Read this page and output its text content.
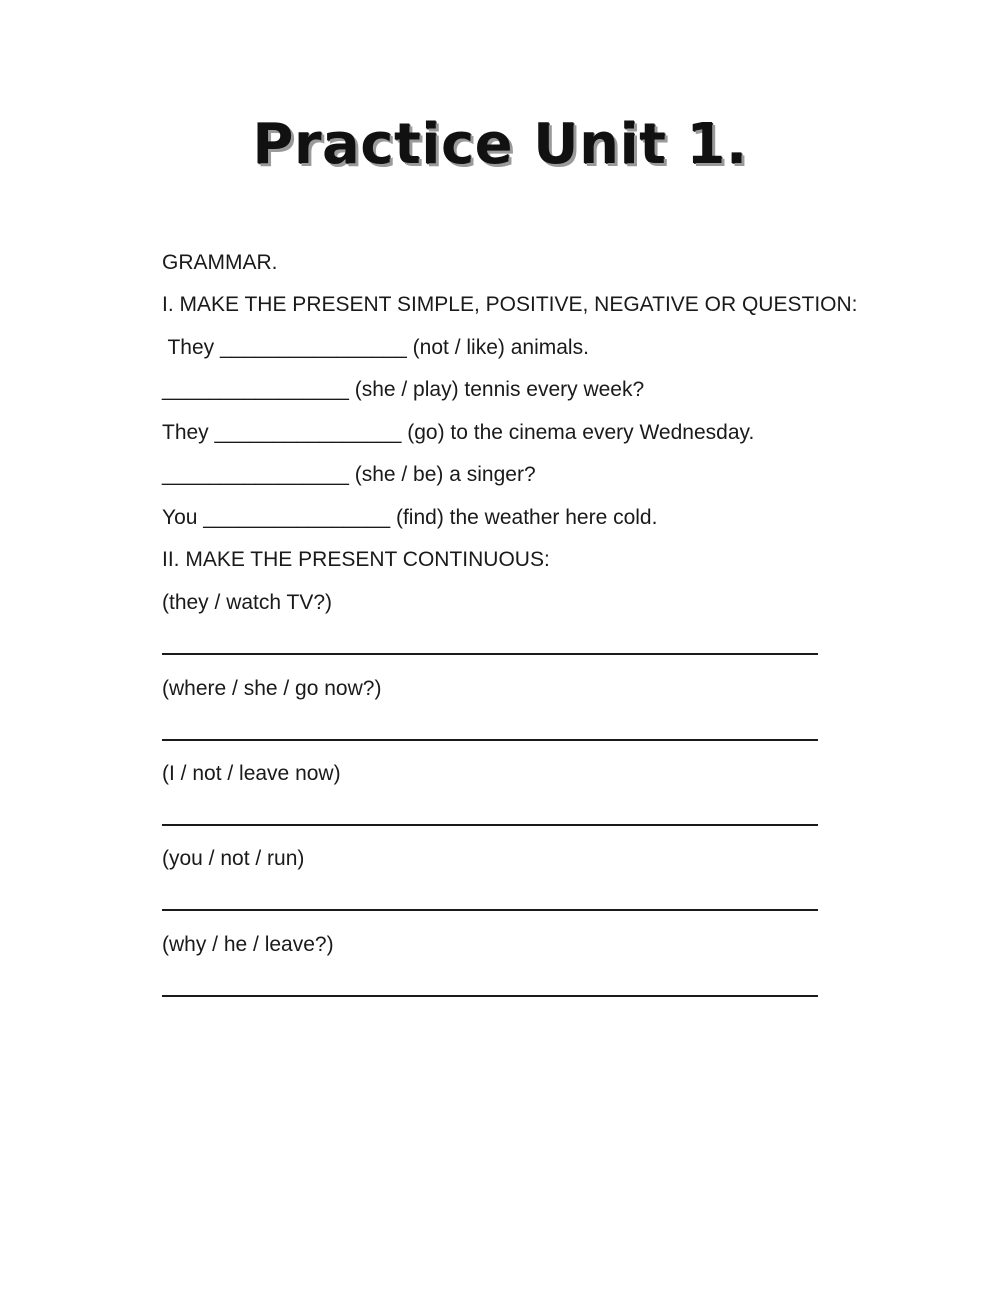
Practice Unit 1.
GRAMMAR.
I. MAKE THE PRESENT SIMPLE, POSITIVE, NEGATIVE OR QUESTION:
They ________________ (not / like) animals.
________________ (she / play) tennis every week?
They ________________ (go) to the cinema every Wednesday.
________________ (she / be) a singer?
You ________________ (find) the weather here cold.
II. MAKE THE PRESENT CONTINUOUS:
(they / watch TV?)
(where / she / go now?)
(I / not / leave now)
(you / not / run)
(why / he / leave?)
